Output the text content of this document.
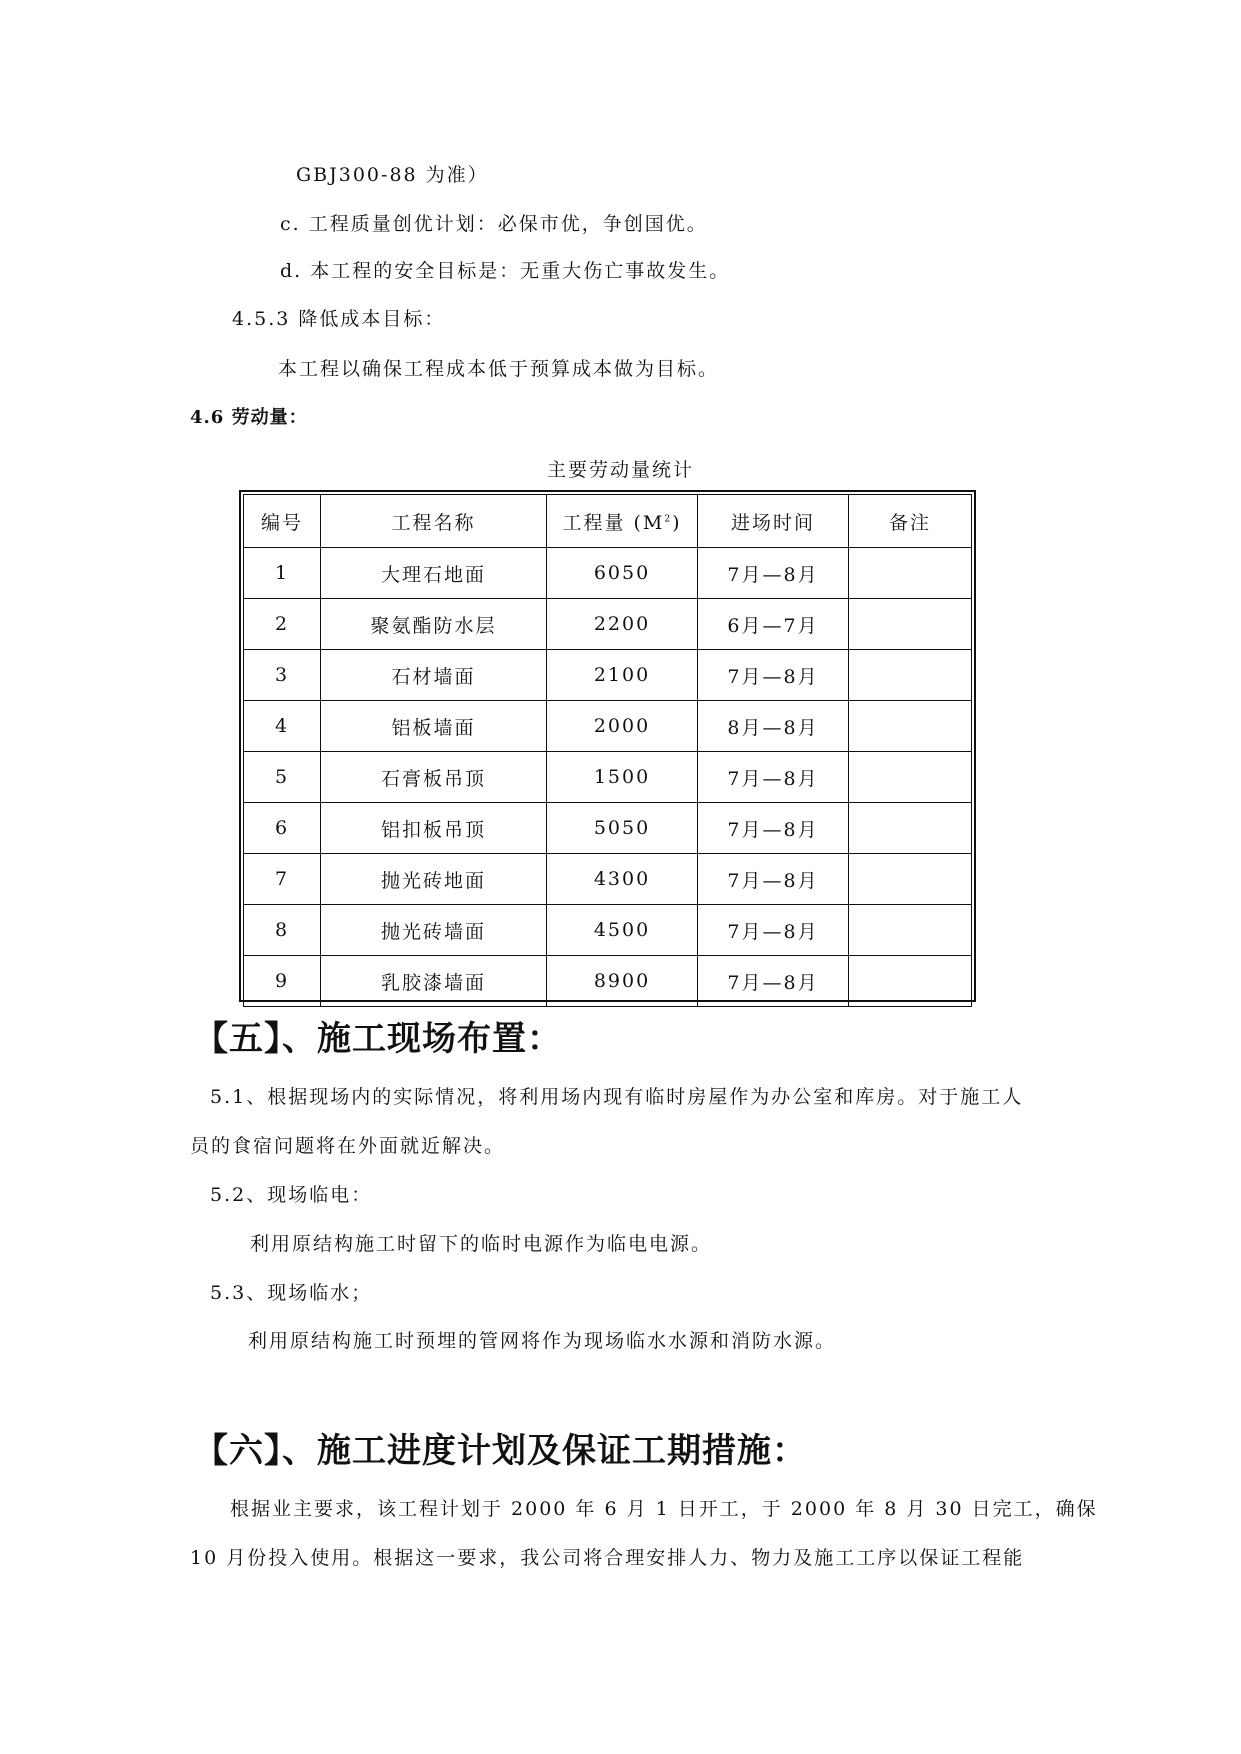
GBJ300-88 为准）
c. 工程质量创优计划：必保市优，争创国优。
d. 本工程的安全目标是：无重大伤亡事故发生。
4.5.3 降低成本目标：
本工程以确保工程成本低于预算成本做为目标。
4.6 劳动量：
主要劳动量统计
编号	工程名称	工程量 $(M^2)$	进场时间	备注
1	大理石地面	6050	7月—8月	
2	聚氨酯防水层	2200	6月—7月	
3	石材墙面	2100	7月—8月	
4	铝板墙面	2000	8月—8月	
5	石膏板吊顶	1500	7月—8月	
6	铝扣板吊顶	5050	7月—8月	
7	抛光砖地面	4300	7月—8月	
8	抛光砖墙面	4500	7月—8月	
9	乳胶漆墙面	8900	7月—8月	
【五】、施工现场布置：
5.1、根据现场内的实际情况，将利用场内现有临时房屋作为办公室和库房。对于施工人
员的食宿问题将在外面就近解决。
5.2、现场临电：
利用原结构施工时留下的临时电源作为临电电源。
5.3、现场临水；
利用原结构施工时预埋的管网将作为现场临水水源和消防水源。
【六】、施工进度计划及保证工期措施：
根据业主要求，该工程计划于 2000 年 6 月 1 日开工，于 2000 年 8 月 30 日完工，确保
10 月份投入使用。根据这一要求，我公司将合理安排人力、物力及施工工序以保证工程能
